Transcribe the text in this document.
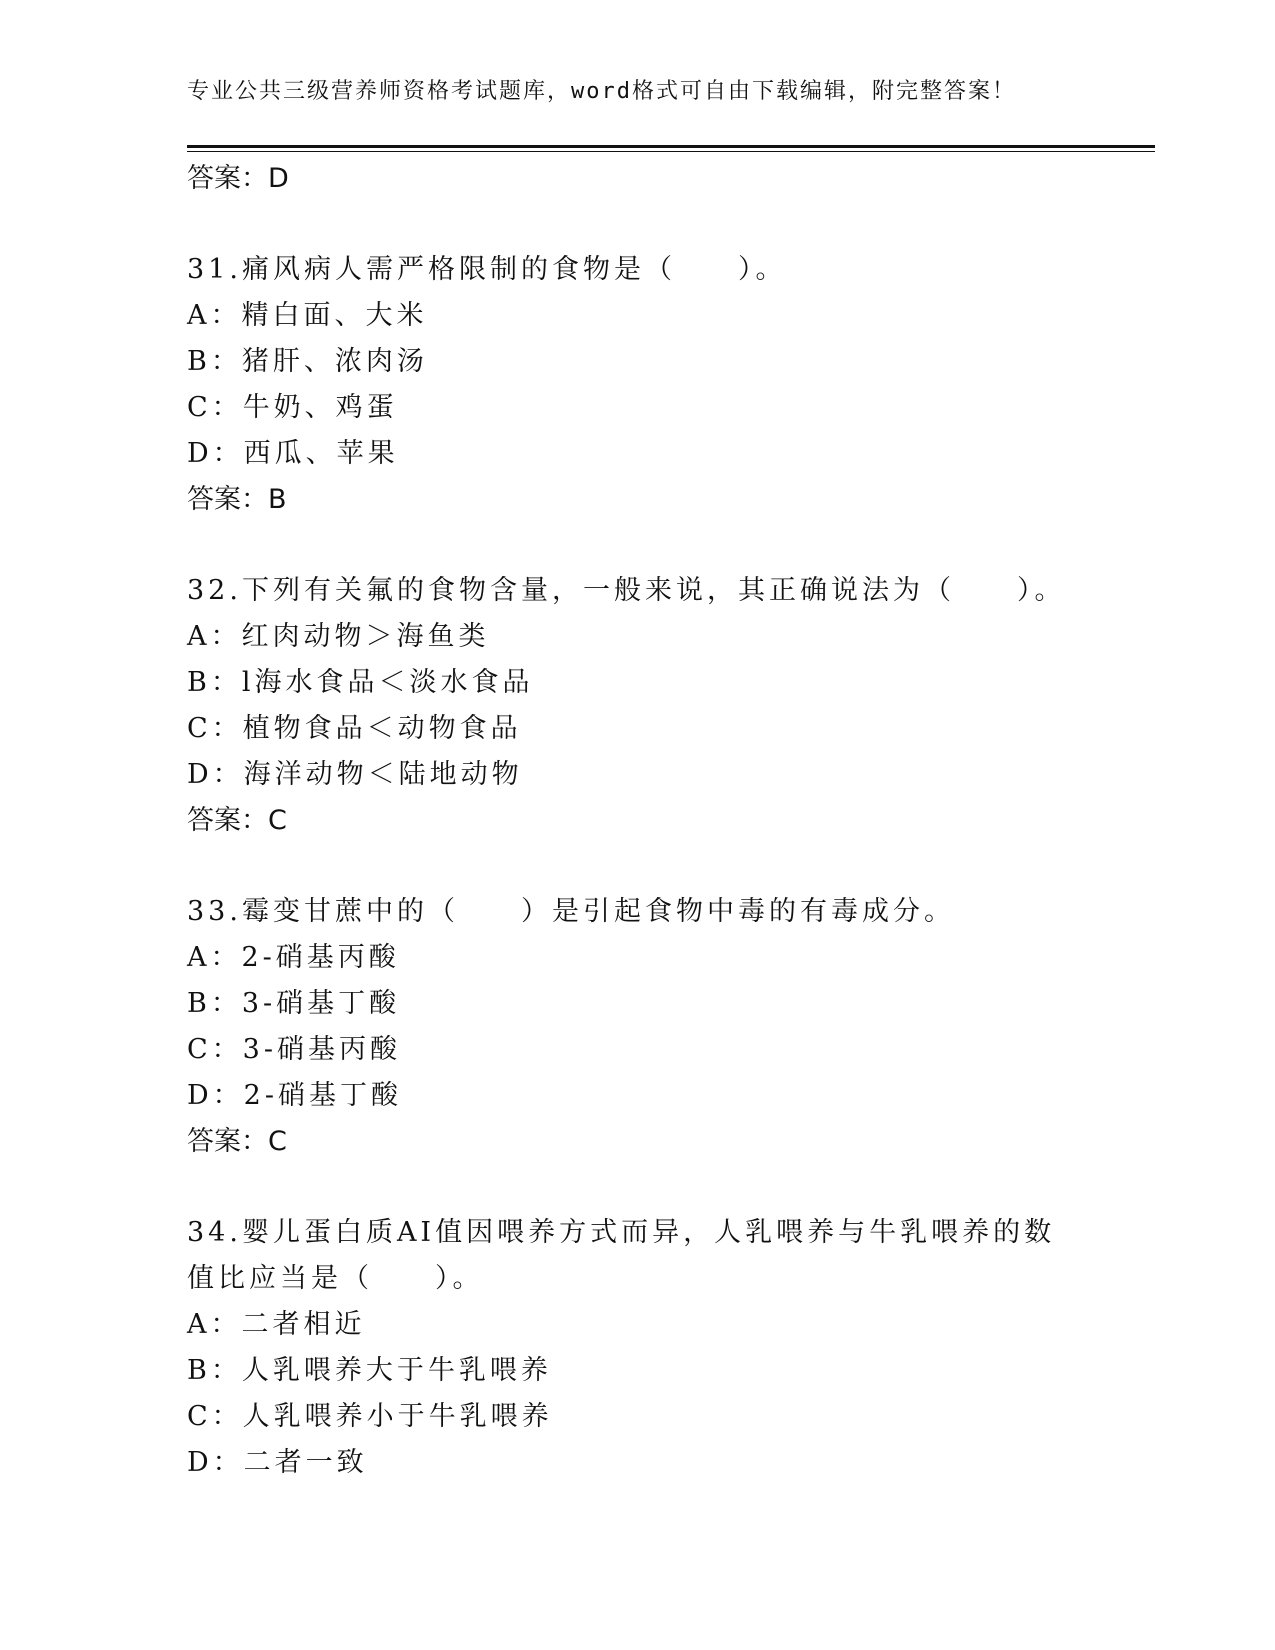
专业公共三级营养师资格考试题库，word格式可自由下载编辑，附完整答案！
答案：D
31.痛风病人需严格限制的食物是（　　）。
A：精白面、大米
B：猪肝、浓肉汤
C：牛奶、鸡蛋
D：西瓜、苹果
答案：B
32.下列有关氟的食物含量，一般来说，其正确说法为（　　）。
A：红肉动物＞海鱼类
B：l海水食品＜淡水食品
C：植物食品＜动物食品
D：海洋动物＜陆地动物
答案：C
33.霉变甘蔗中的（　　）是引起食物中毒的有毒成分。
A：2-硝基丙酸
B：3-硝基丁酸
C：3-硝基丙酸
D：2-硝基丁酸
答案：C
34.婴儿蛋白质AI值因喂养方式而异，人乳喂养与牛乳喂养的数值比应当是（　　）。
A：二者相近
B：人乳喂养大于牛乳喂养
C：人乳喂养小于牛乳喂养
D：二者一致
